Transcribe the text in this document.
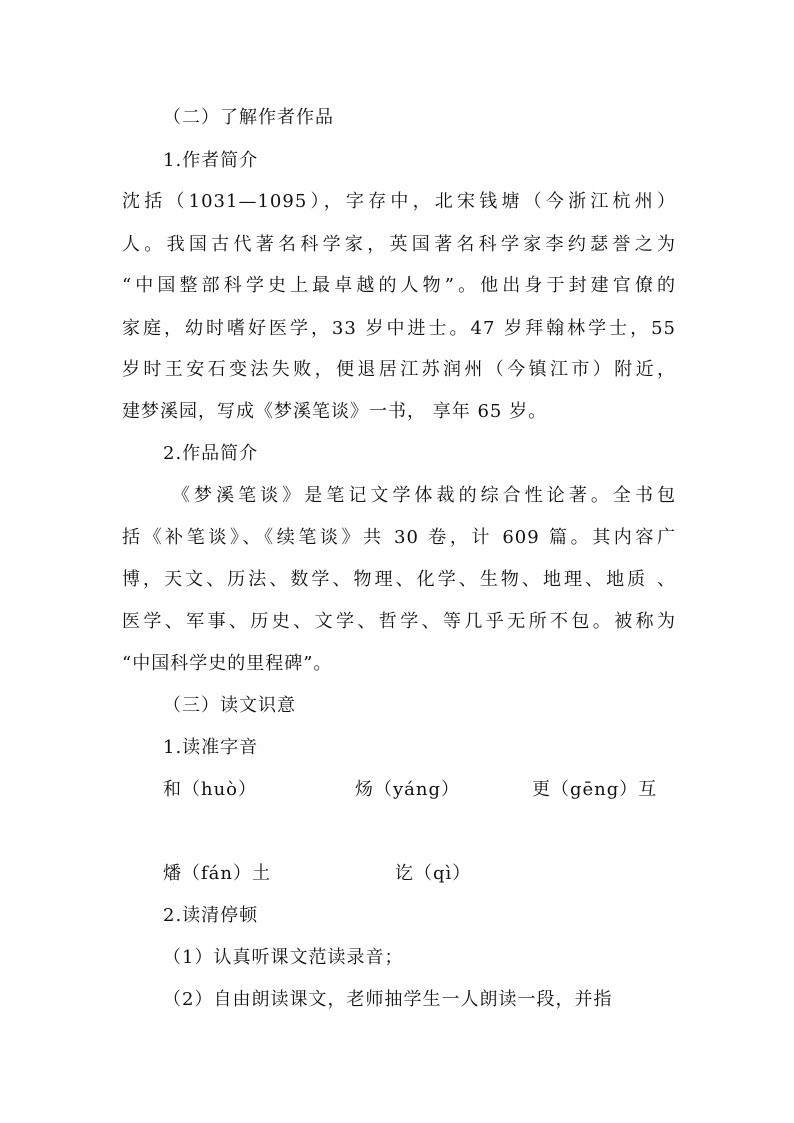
（二）了解作者作品
1.作者简介
沈括（1031—1095），字存中，北宋钱塘（今浙江杭州）
人。我国古代著名科学家，英国著名科学家李约瑟誉之为
“中国整部科学史上最卓越的人物”。他出身于封建官僚的
家庭，幼时嗜好医学，33 岁中进士。47 岁拜翰林学士，55
岁时王安石变法失败，便退居江苏润州（今镇江市）附近，
建梦溪园，写成《梦溪笔谈》一书， 享年 65 岁。
2.作品简介
《梦溪笔谈》是笔记文学体裁的综合性论著。全书包
括《补笔谈》、《续笔谈》共 30 卷，计 609 篇。其内容广
博，天文、历法、数学、物理、化学、生物、地理、地质 、
医学、军事、历史、文学、哲学、等几乎无所不包。被称为
“中国科学史的里程碑”。
（三）读文识意
1.读准字音
和（huò）	炀（yáng）	更（gēng）互
燔（fán）土	讫（qì）
2.读清停顿
（1）认真听课文范读录音；
（2）自由朗读课文，老师抽学生一人朗读一段，并指
